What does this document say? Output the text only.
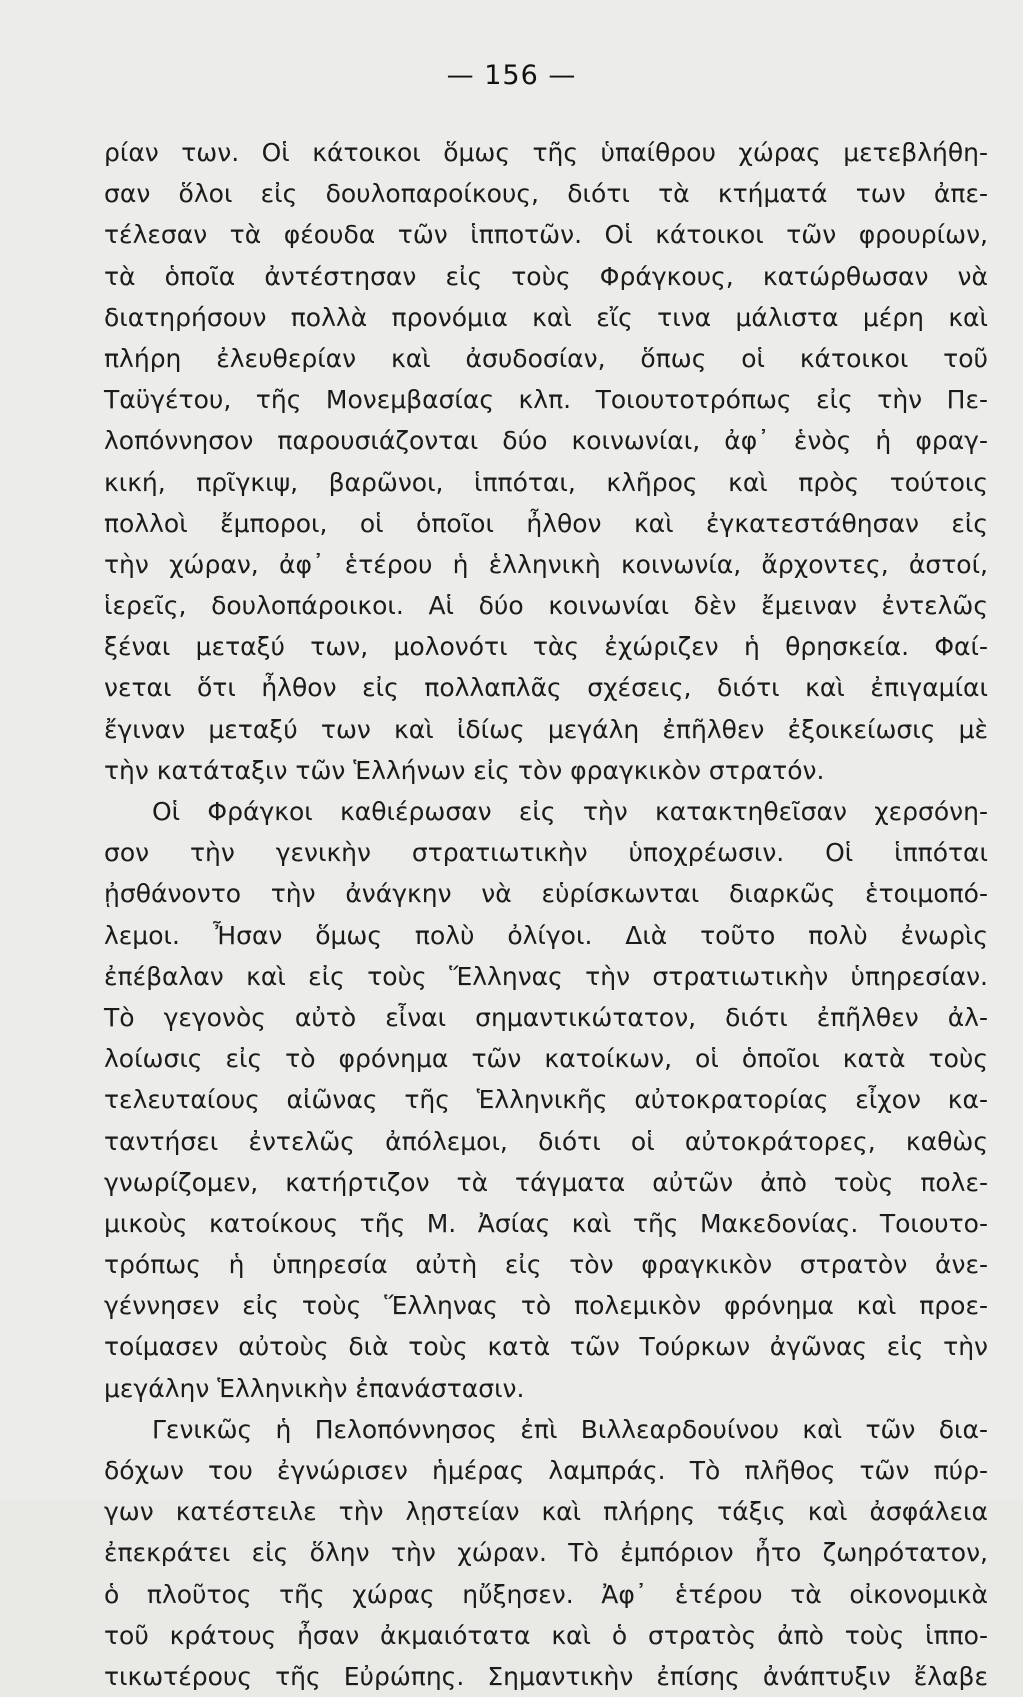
— 156 —
ρίαν των. Οἱ κάτοικοι ὅμως τῆς ὑπαίθρου χώρας μετεβλήθη-
σαν ὅλοι εἰς δουλοπαροίκους, διότι τὰ κτήματά των ἀπε-
τέλεσαν τὰ φέουδα τῶν ἱπποτῶν. Οἱ κάτοικοι τῶν φρουρίων,
τὰ ὁποῖα ἀντέστησαν εἰς τοὺς Φράγκους, κατώρθωσαν νὰ
διατηρήσουν πολλὰ προνόμια καὶ εἴς τινα μάλιστα μέρη καὶ
πλήρη ἐλευθερίαν καὶ ἀσυδοσίαν, ὅπως οἱ κάτοικοι τοῦ
Ταϋγέτου, τῆς Μονεμβασίας κλπ. Τοιουτοτρόπως εἰς τὴν Πε-
λοπόννησον παρουσιάζονται δύο κοινωνίαι, ἀφ᾽ ἑνὸς ἡ φραγ-
κική, πρῖγκιψ, βαρῶνοι, ἱππόται, κλῆρος καὶ πρὸς τούτοις
πολλοὶ ἔμποροι, οἱ ὁποῖοι ἦλθον καὶ ἐγκατεστάθησαν εἰς
τὴν χώραν, ἀφ᾽ ἑτέρου ἡ ἑλληνικὴ κοινωνία, ἄρχοντες, ἀστοί,
ἱερεῖς, δουλοπάροικοι. Αἱ δύο κοινωνίαι δὲν ἔμειναν ἐντελῶς
ξέναι μεταξύ των, μολονότι τὰς ἐχώριζεν ἡ θρησκεία. Φαί-
νεται ὅτι ἦλθον εἰς πολλαπλᾶς σχέσεις, διότι καὶ ἐπιγαμίαι
ἔγιναν μεταξύ των καὶ ἰδίως μεγάλη ἐπῆλθεν ἐξοικείωσις μὲ
τὴν κατάταξιν τῶν Ἑλλήνων εἰς τὸν φραγκικὸν στρατόν.
Οἱ Φράγκοι καθιέρωσαν εἰς τὴν κατακτηθεῖσαν χερσόνη-
σον τὴν γενικὴν στρατιωτικὴν ὑποχρέωσιν. Οἱ ἱππόται
ᾐσθάνοντο τὴν ἀνάγκην νὰ εὑρίσκωνται διαρκῶς ἑτοιμοπό-
λεμοι. Ἦσαν ὅμως πολὺ ὀλίγοι. Διὰ τοῦτο πολὺ ἐνωρὶς
ἐπέβαλαν καὶ εἰς τοὺς Ἕλληνας τὴν στρατιωτικὴν ὑπηρεσίαν.
Τὸ γεγονὸς αὐτὸ εἶναι σημαντικώτατον, διότι ἐπῆλθεν ἀλ-
λοίωσις εἰς τὸ φρόνημα τῶν κατοίκων, οἱ ὁποῖοι κατὰ τοὺς
τελευταίους αἰῶνας τῆς Ἑλληνικῆς αὐτοκρατορίας εἶχον κα-
ταντήσει ἐντελῶς ἀπόλεμοι, διότι οἱ αὐτοκράτορες, καθὼς
γνωρίζομεν, κατήρτιζον τὰ τάγματα αὐτῶν ἀπὸ τοὺς πολε-
μικοὺς κατοίκους τῆς Μ. Ἀσίας καὶ τῆς Μακεδονίας. Τοιουτο-
τρόπως ἡ ὑπηρεσία αὐτὴ εἰς τὸν φραγκικὸν στρατὸν ἀνε-
γέννησεν εἰς τοὺς Ἕλληνας τὸ πολεμικὸν φρόνημα καὶ προε-
τοίμασεν αὐτοὺς διὰ τοὺς κατὰ τῶν Τούρκων ἀγῶνας εἰς τὴν
μεγάλην Ἑλληνικὴν ἐπανάστασιν.
Γενικῶς ἡ Πελοπόννησος ἐπὶ Βιλλεαρδουίνου καὶ τῶν δια-
δόχων του ἐγνώρισεν ἡμέρας λαμπράς. Τὸ πλῆθος τῶν πύρ-
γων κατέστειλε τὴν λῃστείαν καὶ πλήρης τάξις καὶ ἀσφάλεια
ἐπεκράτει εἰς ὅλην τὴν χώραν. Τὸ ἐμπόριον ἦτο ζωηρότατον,
ὁ πλοῦτος τῆς χώρας ηὔξησεν. Ἀφ᾽ ἑτέρου τὰ οἰκονομικὰ
τοῦ κράτους ἦσαν ἀκμαιότατα καὶ ὁ στρατὸς ἀπὸ τοὺς ἱππο-
τικωτέρους τῆς Εὐρώπης. Σημαντικὴν ἐπίσης ἀνάπτυξιν ἔλαβε
